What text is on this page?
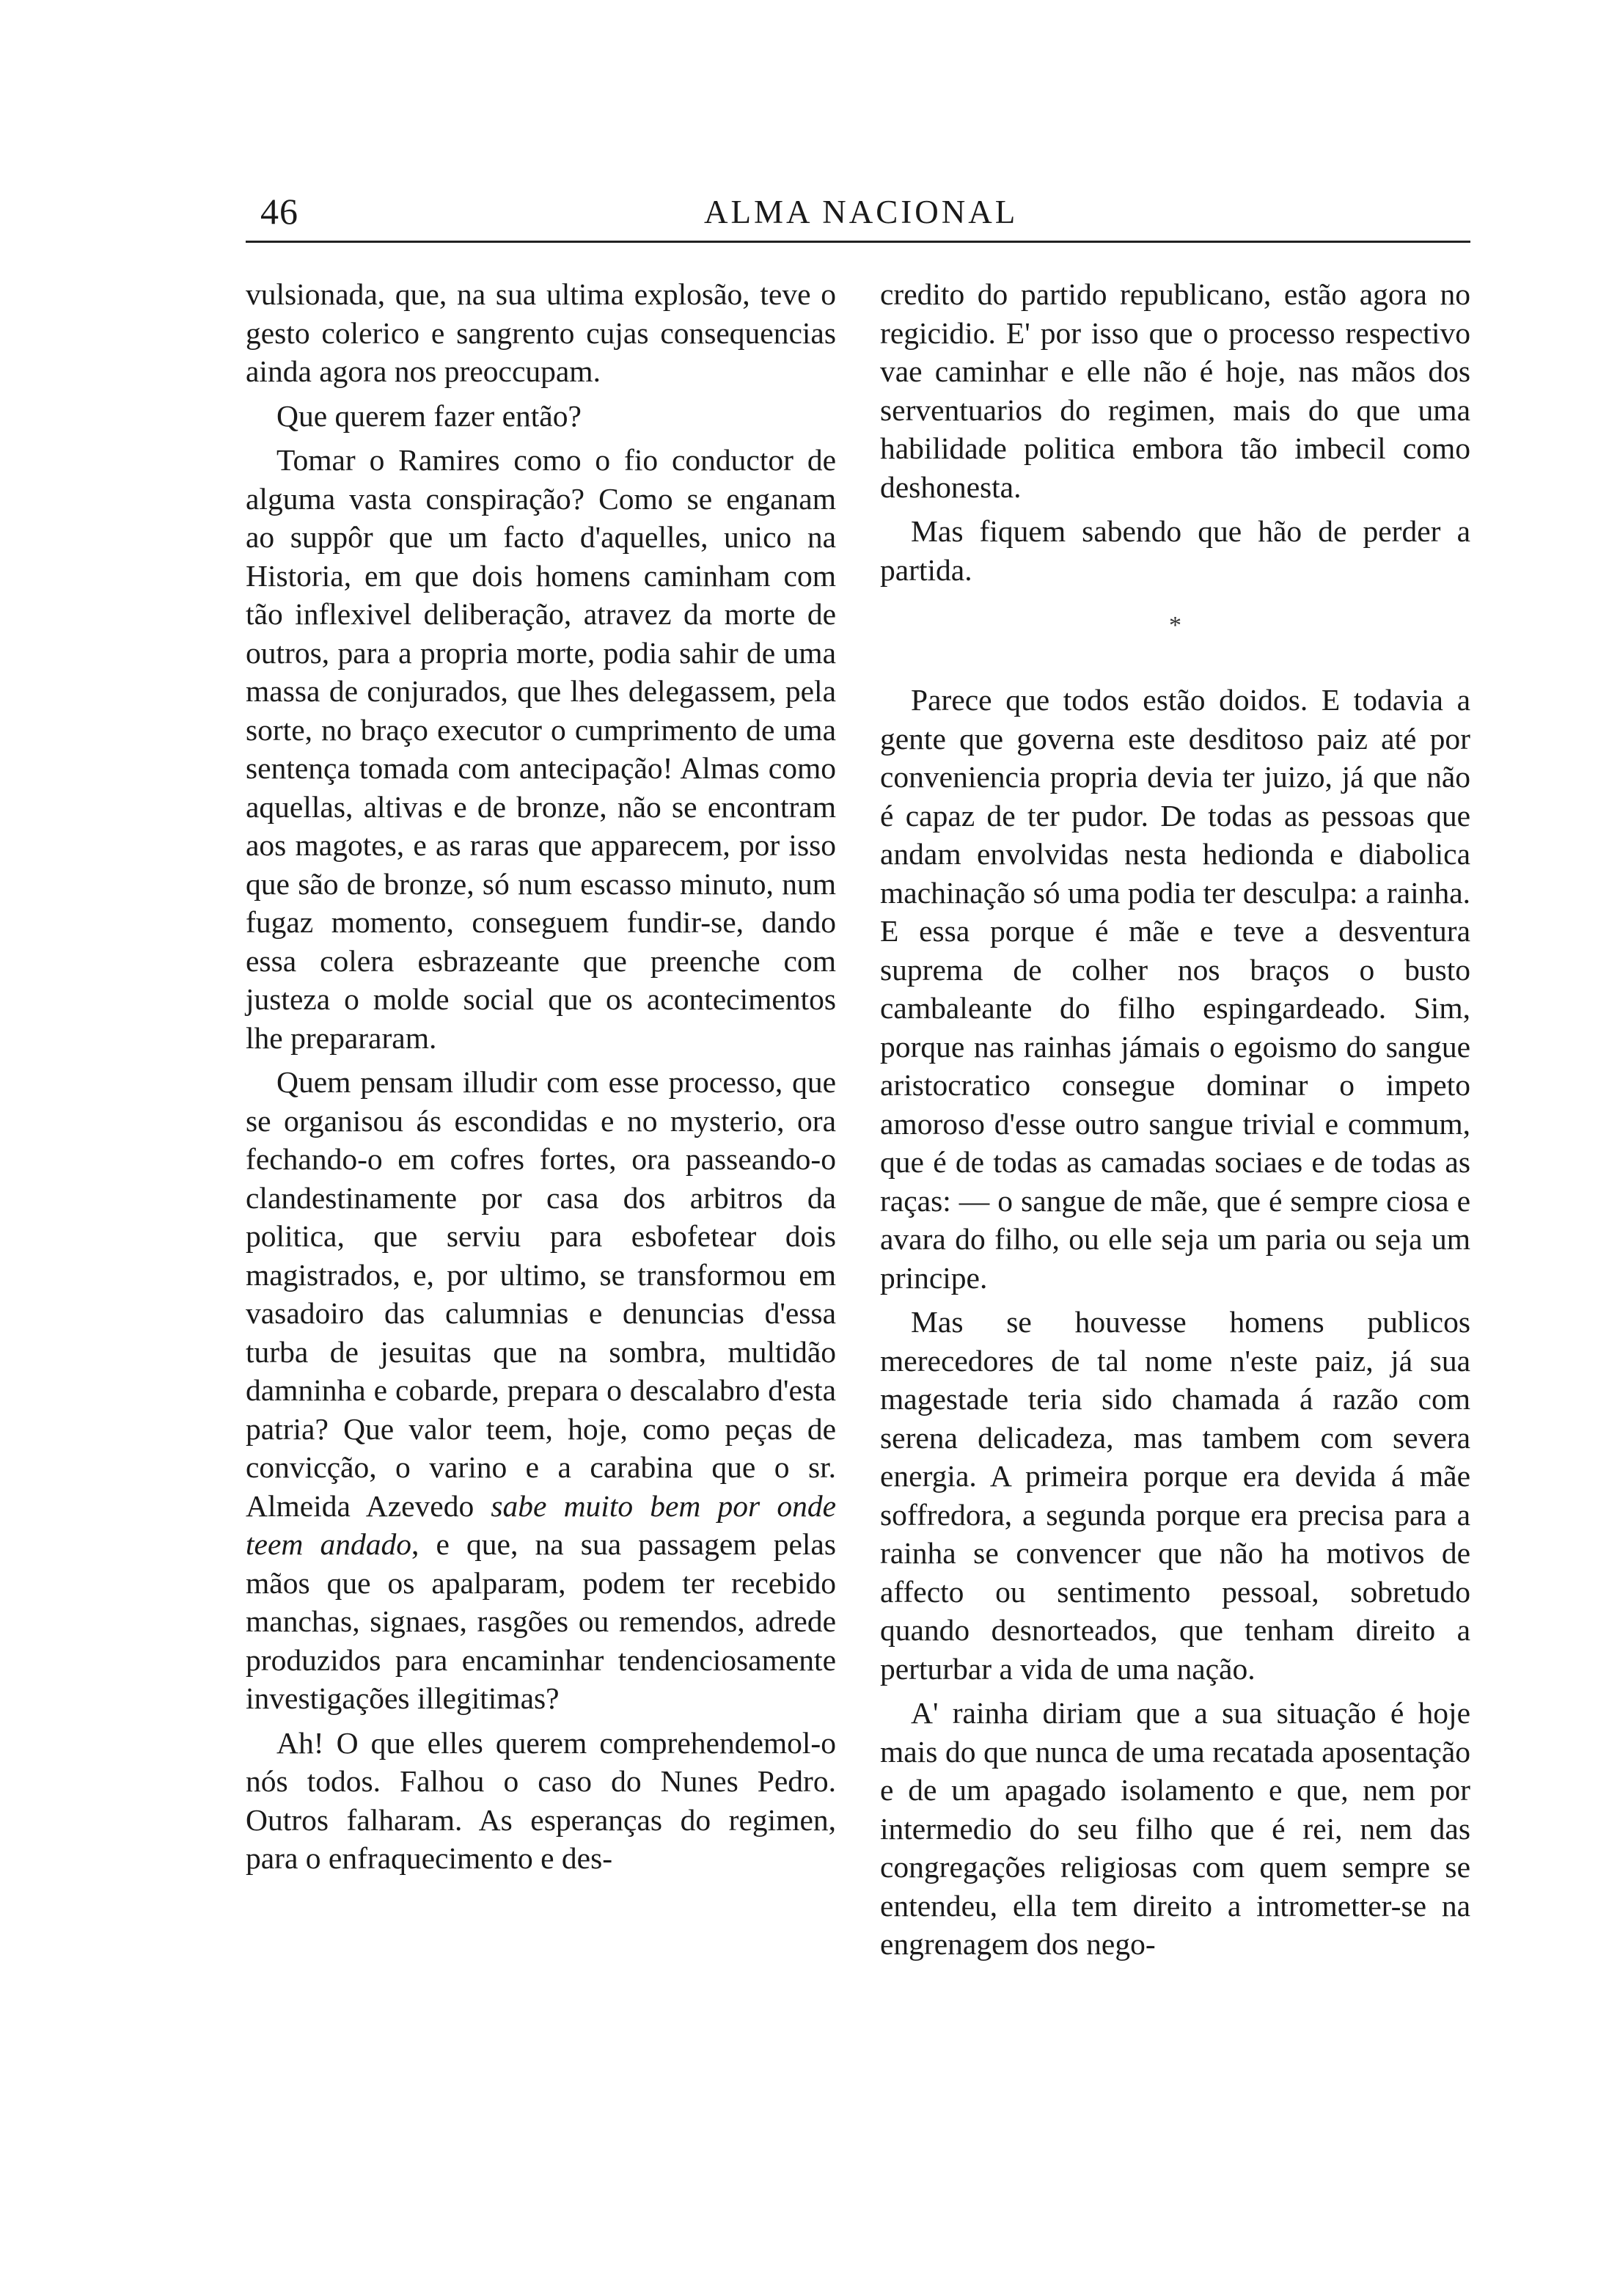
46	ALMA NACIONAL

vulsionada, que, na sua ultima explosão, teve o gesto colerico e sangrento cujas consequencias ainda agora nos preoccupam.

Que querem fazer então?

Tomar o Ramires como o fio conductor de alguma vasta conspiração? Como se enganam ao suppôr que um facto d'aquelles, unico na Historia, em que dois homens caminham com tão inflexivel deliberação, atravez da morte de outros, para a propria morte, podia sahir de uma massa de conjurados, que lhes delegassem, pela sorte, no braço executor o cumprimento de uma sentença tomada com antecipação! Almas como aquellas, altivas e de bronze, não se encontram aos magotes, e as raras que apparecem, por isso que são de bronze, só num escasso minuto, num fugaz momento, conseguem fundir-se, dando essa colera esbrazeante que preenche com justeza o molde social que os acontecimentos lhe prepararam.

Quem pensam illudir com esse processo, que se organisou ás escondidas e no mysterio, ora fechando-o em cofres fortes, ora passeando-o clandestinamente por casa dos arbitros da politica, que serviu para esbofetear dois magistrados, e, por ultimo, se transformou em vasadoiro das calumnias e denuncias d'essa turba de jesuitas que na sombra, multidão damninha e cobarde, prepara o descalabro d'esta patria? Que valor teem, hoje, como peças de convicção, o varino e a carabina que o sr. Almeida Azevedo sabe muito bem por onde teem andado, e que, na sua passagem pelas mãos que os apalparam, podem ter recebido manchas, signaes, rasgões ou remendos, adrede produzidos para encaminhar tendenciosamente investigações illegitimas?

Ah! O que elles querem comprehendemol-o nós todos. Falhou o caso do Nunes Pedro. Outros falharam. As esperanças do regimen, para o enfraquecimento e des-

credito do partido republicano, estão agora no regicidio. E' por isso que o processo respectivo vae caminhar e elle não é hoje, nas mãos dos serventuarios do regimen, mais do que uma habilidade politica embora tão imbecil como deshonesta.

Mas fiquem sabendo que hão de perder a partida.

*

Parece que todos estão doidos. E todavia a gente que governa este desditoso paiz até por conveniencia propria devia ter juizo, já que não é capaz de ter pudor. De todas as pessoas que andam envolvidas nesta hedionda e diabolica machinação só uma podia ter desculpa: a rainha. E essa porque é mãe e teve a desventura suprema de colher nos braços o busto cambaleante do filho espingardeado. Sim, porque nas rainhas jámais o egoismo do sangue aristocratico consegue dominar o impeto amoroso d'esse outro sangue trivial e commum, que é de todas as camadas sociaes e de todas as raças: — o sangue de mãe, que é sempre ciosa e avara do filho, ou elle seja um paria ou seja um principe.

Mas se houvesse homens publicos merecedores de tal nome n'este paiz, já sua magestade teria sido chamada á razão com serena delicadeza, mas tambem com severa energia. A primeira porque era devida á mãe soffredora, a segunda porque era precisa para a rainha se convencer que não ha motivos de affecto ou sentimento pessoal, sobretudo quando desnorteados, que tenham direito a perturbar a vida de uma nação.

A' rainha diriam que a sua situação é hoje mais do que nunca de uma recatada aposentação e de um apagado isolamento e que, nem por intermedio do seu filho que é rei, nem das congregações religiosas com quem sempre se entendeu, ella tem direito a intrometter-se na engrenagem dos nego-
